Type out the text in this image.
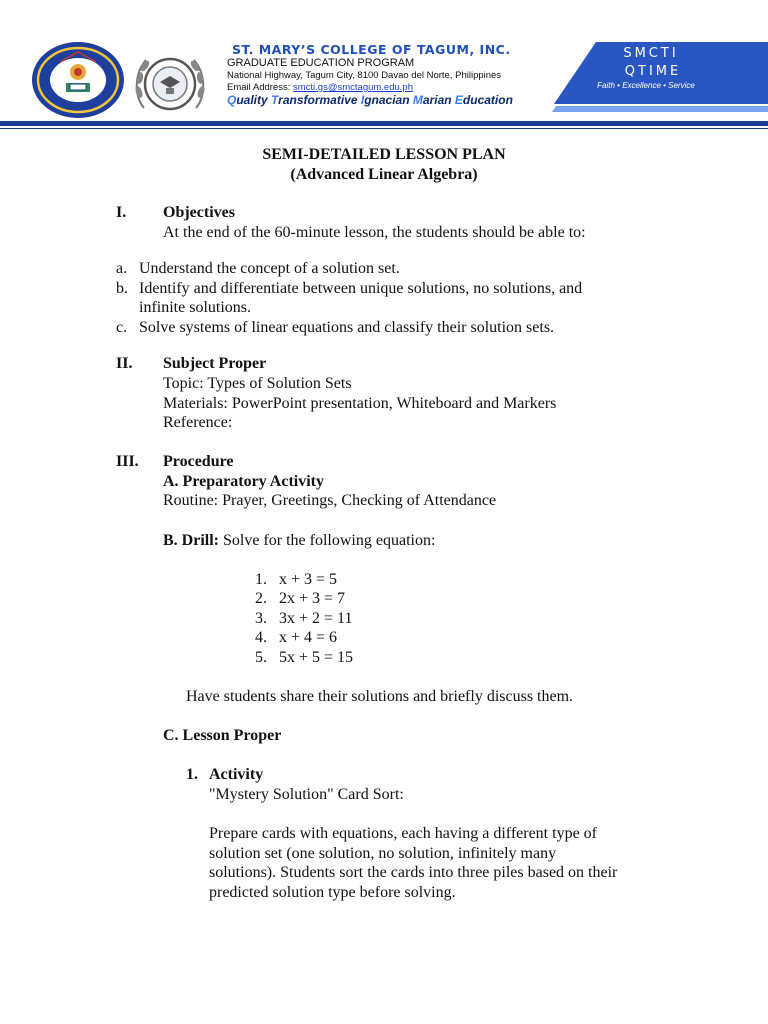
ST. MARY’S COLLEGE OF TAGUM, INC.
GRADUATE EDUCATION PROGRAM
National Highway, Tagum City, 8100 Davao del Norte, Philippines
Email Address: smcti.gs@smctagum.edu.ph
Quality Transformative Ignacian Marian Education
SMCTI
QTIME
Faith • Excellence • Service
SEMI-DETAILED LESSON PLAN
(Advanced Linear Algebra)
I. Objectives
At the end of the 60-minute lesson, the students should be able to:
a. Understand the concept of a solution set.
b. Identify and differentiate between unique solutions, no solutions, and
infinite solutions.
c. Solve systems of linear equations and classify their solution sets.
II. Subject Proper
Topic: Types of Solution Sets
Materials: PowerPoint presentation, Whiteboard and Markers
Reference:
III. Procedure
A. Preparatory Activity
Routine: Prayer, Greetings, Checking of Attendance
B. Drill: Solve for the following equation:
1. x + 3 = 5
2. 2x + 3 = 7
3. 3x + 2 = 11
4. x + 4 = 6
5. 5x + 5 = 15
Have students share their solutions and briefly discuss them.
C. Lesson Proper
1. Activity
"Mystery Solution" Card Sort:
Prepare cards with equations, each having a different type of
solution set (one solution, no solution, infinitely many
solutions). Students sort the cards into three piles based on their
predicted solution type before solving.
